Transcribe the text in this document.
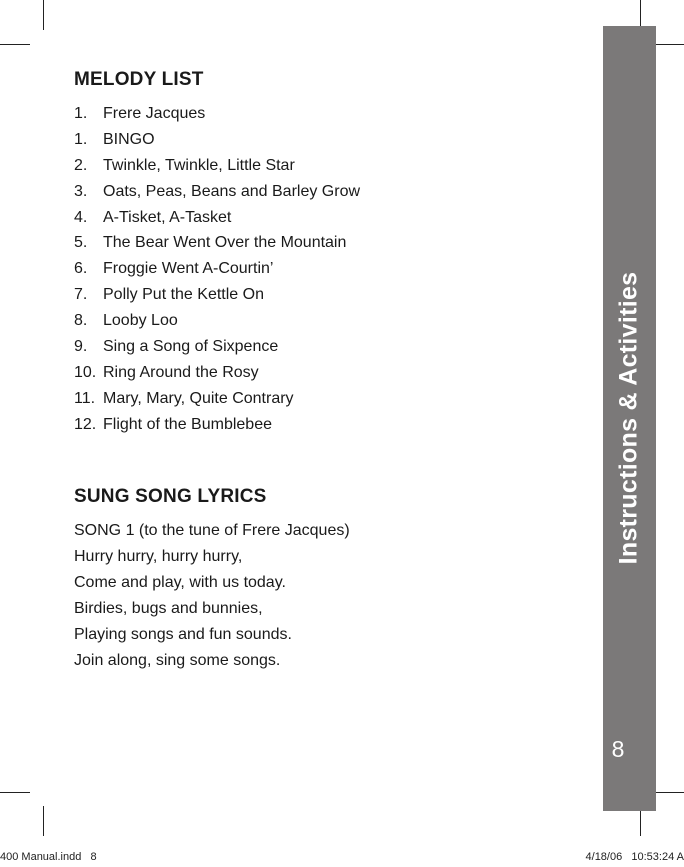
MELODY LIST
1. Frere Jacques
1. BINGO
2. Twinkle, Twinkle, Little Star
3. Oats, Peas, Beans and Barley Grow
4. A-Tisket, A-Tasket
5. The Bear Went Over the Mountain
6. Froggie Went A-Courtin’
7. Polly Put the Kettle On
8. Looby Loo
9. Sing a Song of Sixpence
10. Ring Around the Rosy
11. Mary, Mary, Quite Contrary
12. Flight of the Bumblebee
SUNG SONG LYRICS
SONG 1 (to the tune of Frere Jacques)
Hurry hurry, hurry hurry,
Come and play, with us today.
Birdies, bugs and bunnies,
Playing songs and fun sounds.
Join along, sing some songs.
Instructions & Activities
8
400 Manual.indd   8	4/18/06   10:53:24 A
